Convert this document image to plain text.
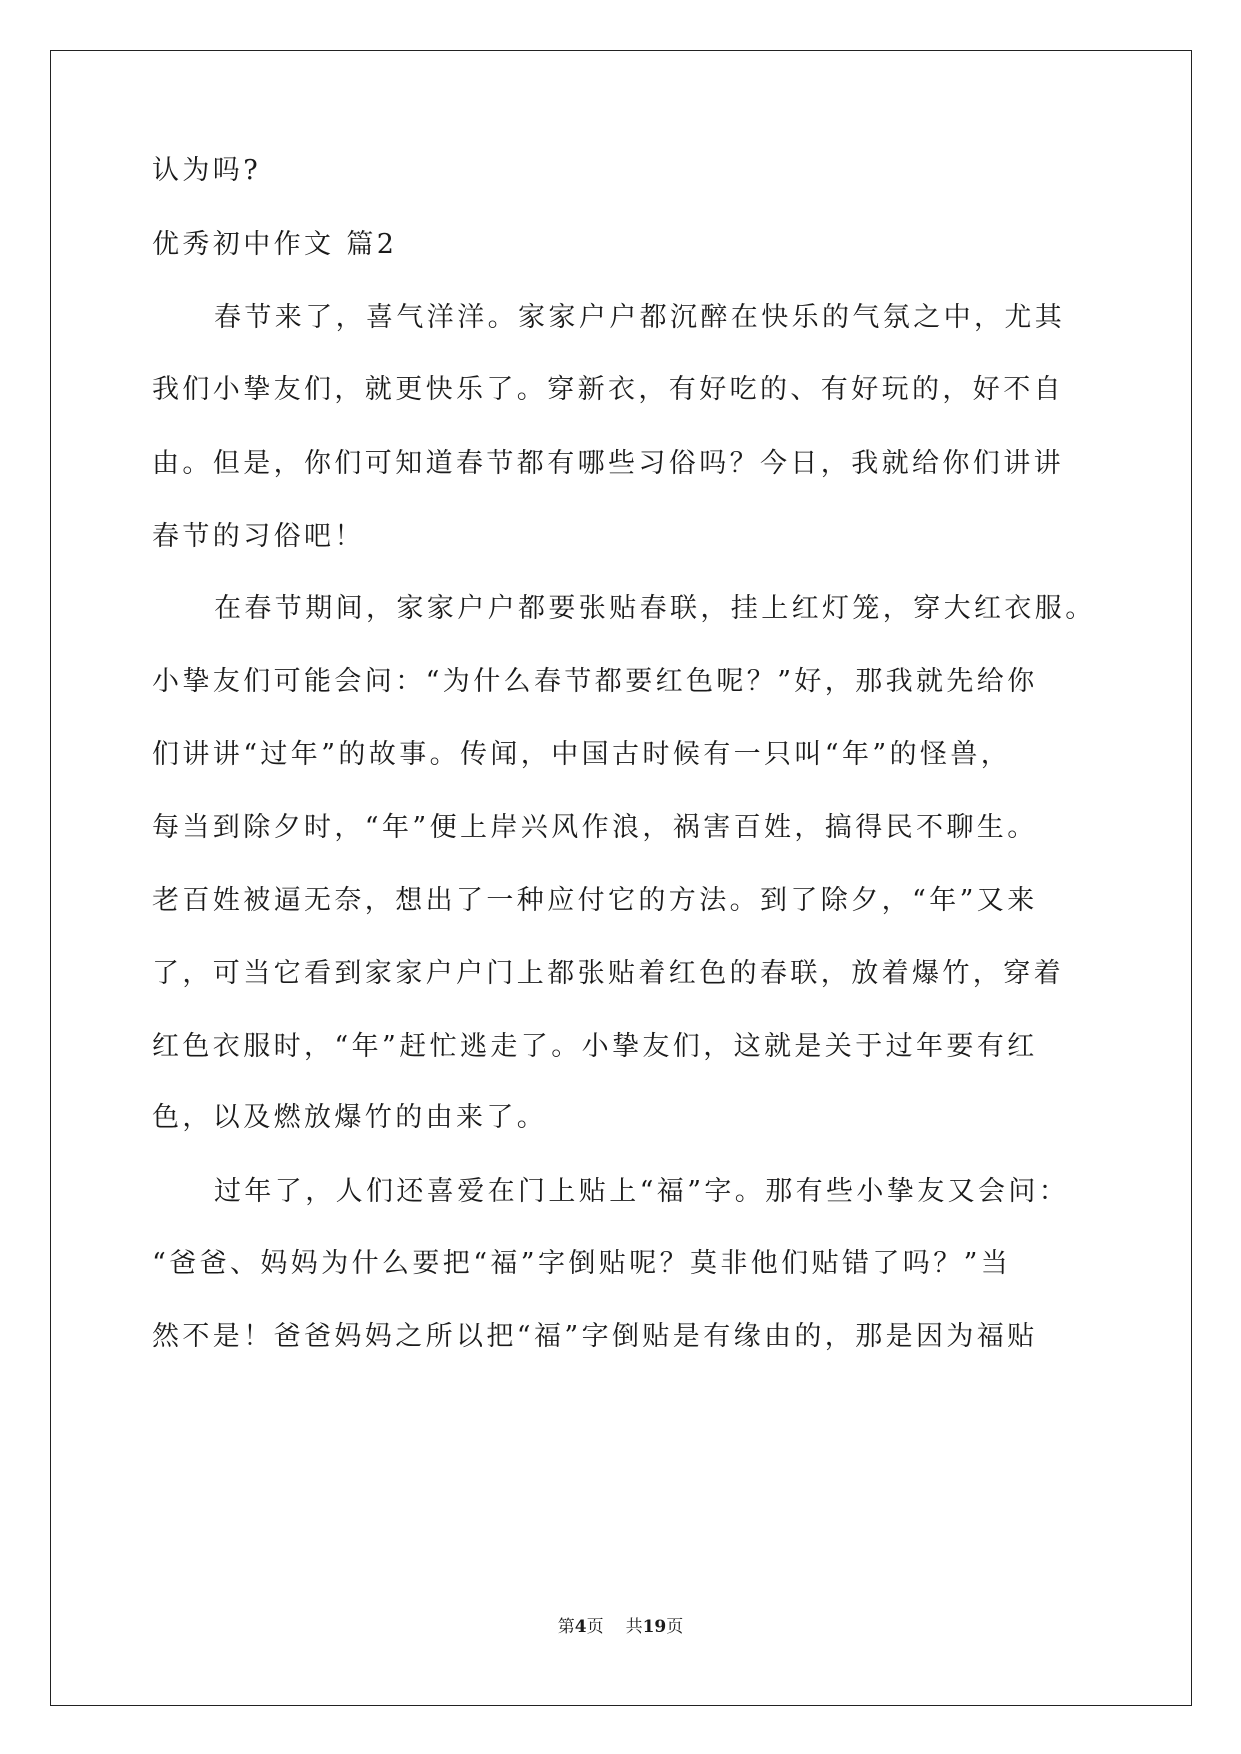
认为吗?

优秀初中作文 篇2

春节来了，喜气洋洋。家家户户都沉醉在快乐的气氛之中，尤其

我们小挚友们，就更快乐了。穿新衣，有好吃的、有好玩的，好不自

由。但是，你们可知道春节都有哪些习俗吗？今日，我就给你们讲讲

春节的习俗吧！

在春节期间，家家户户都要张贴春联，挂上红灯笼，穿大红衣服。

小挚友们可能会问：“为什么春节都要红色呢？”好，那我就先给你

们讲讲“过年”的故事。传闻，中国古时候有一只叫“年”的怪兽，

每当到除夕时，“年”便上岸兴风作浪，祸害百姓，搞得民不聊生。

老百姓被逼无奈，想出了一种应付它的方法。到了除夕，“年”又来

了，可当它看到家家户户门上都张贴着红色的春联，放着爆竹，穿着

红色衣服时，“年”赶忙逃走了。小挚友们，这就是关于过年要有红

色，以及燃放爆竹的由来了。

过年了，人们还喜爱在门上贴上“福”字。那有些小挚友又会问：

“爸爸、妈妈为什么要把“福”字倒贴呢？莫非他们贴错了吗？”当

然不是！爸爸妈妈之所以把“福”字倒贴是有缘由的，那是因为福贴

第4页 共19页
